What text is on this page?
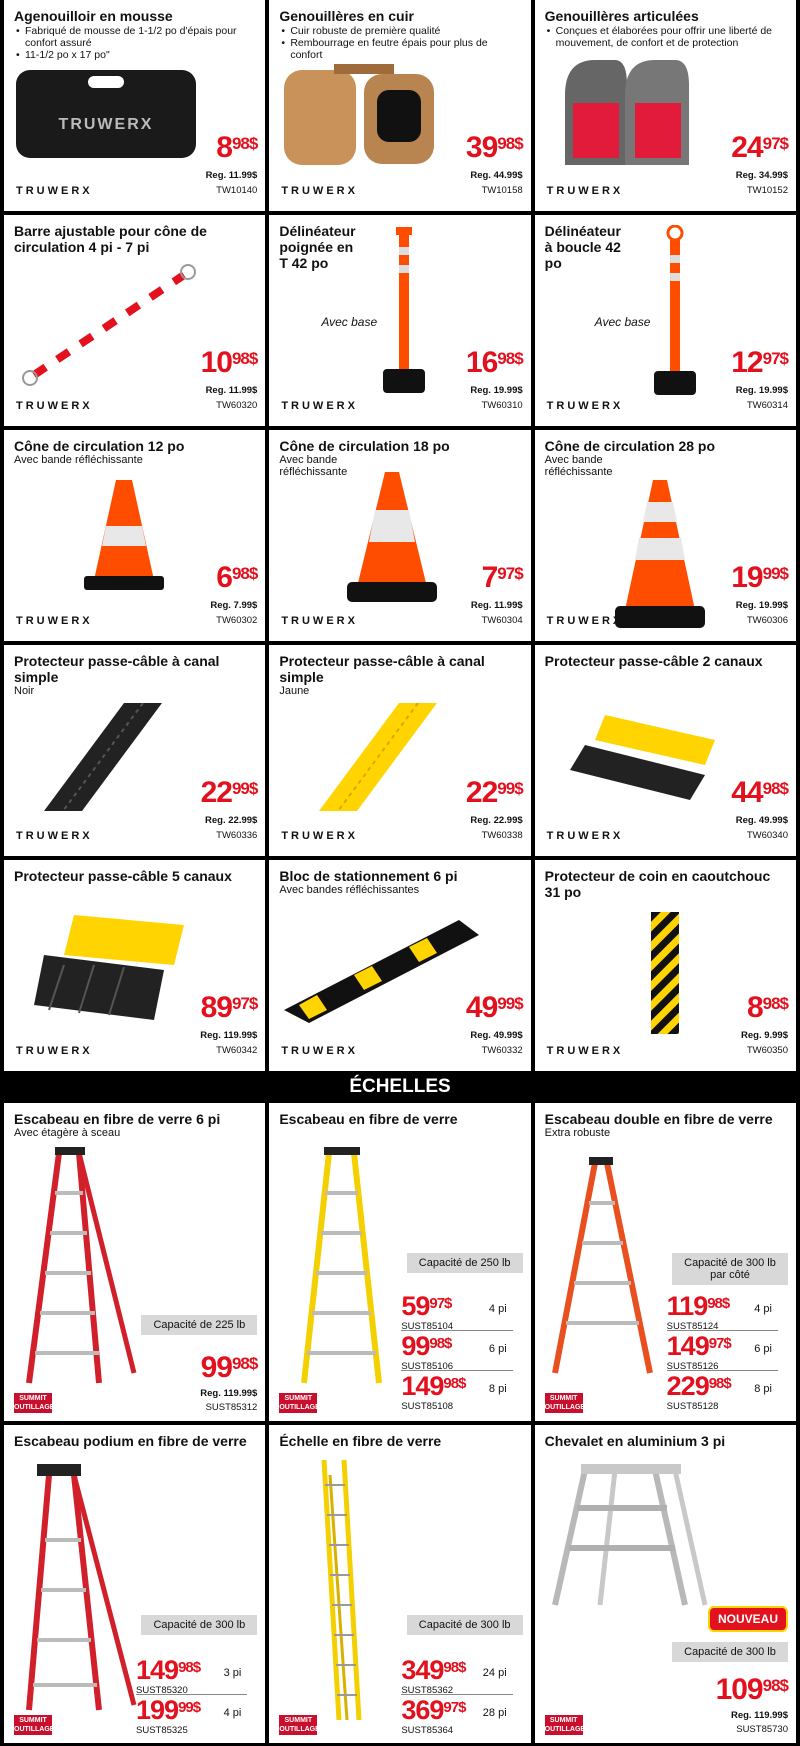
Agenouilloir en mousse
• Fabriqué de mousse de 1-1/2 po d'épais pour confort assuré
• 11-1/2 po x 17 po"
TRUWERX
8 98$
Reg. 11.99$
TW10140
TRUWERX
Genouillères en cuir
• Cuir robuste de première qualité
• Rembourrage en feutre épais pour plus de confort
39 98$
Reg. 44.99$
TW10158
TRUWERX
Genouillères articulées
• Conçues et élaborées pour offrir une liberté de mouvement, de confort et de protection
24 97$
Reg. 34.99$
TW10152
TRUWERX
Barre ajustable pour cône de circulation 4 pi - 7 pi
10 98$
Reg. 11.99$
TW60320
TRUWERX
Délinéateur poignée en T 42 po
Avec base
16 98$
Reg. 19.99$
TW60310
TRUWERX
Délinéateur à boucle 42 po
Avec base
12 97$
Reg. 19.99$
TW60314
TRUWERX
Cône de circulation 12 po
Avec bande réfléchissante
6 98$
Reg. 7.99$
TW60302
TRUWERX
Cône de circulation 18 po
Avec bande réfléchissante
7 97$
Reg. 11.99$
TW60304
TRUWERX
Cône de circulation 28 po
Avec bande réfléchissante
19 99$
Reg. 19.99$
TW60306
TRUWERX
Protecteur passe-câble à canal simple
Noir
22 99$
Reg. 22.99$
TW60336
TRUWERX
Protecteur passe-câble à canal simple
Jaune
22 99$
Reg. 22.99$
TW60338
TRUWERX
Protecteur passe-câble 2 canaux
44 98$
Reg. 49.99$
TW60340
TRUWERX
Protecteur passe-câble 5 canaux
89 97$
Reg. 119.99$
TW60342
TRUWERX
Bloc de stationnement 6 pi
Avec bandes réfléchissantes
49 99$
Reg. 49.99$
TW60332
TRUWERX
Protecteur de coin en caoutchouc 31 po
8 98$
Reg. 9.99$
TW60350
TRUWERX
ÉCHELLES
Escabeau en fibre de verre 6 pi
Avec étagère à sceau
Capacité de 225 lb
99 98$
Reg. 119.99$
SUST85312
SUMMIT OUTILLAGE
Escabeau en fibre de verre
Capacité de 250 lb
59 97$
SUST85104
4 pi
99 98$
SUST85106
6 pi
149 98$
SUST85108
8 pi
SUMMIT OUTILLAGE
Escabeau double en fibre de verre
Extra robuste
Capacité de 300 lb par côté
119 98$
SUST85124
4 pi
149 97$
SUST85126
6 pi
229 98$
SUST85128
8 pi
SUMMIT OUTILLAGE
Escabeau podium en fibre de verre
Capacité de 300 lb
149 98$
SUST85320
3 pi
199 99$
SUST85325
4 pi
SUMMIT OUTILLAGE
Échelle en fibre de verre
Capacité de 300 lb
349 98$
SUST85362
24 pi
369 97$
SUST85364
28 pi
SUMMIT OUTILLAGE
Chevalet en aluminium 3 pi
NOUVEAU
Capacité de 300 lb
109 98$
Reg. 119.99$
SUST85730
SUMMIT OUTILLAGE
